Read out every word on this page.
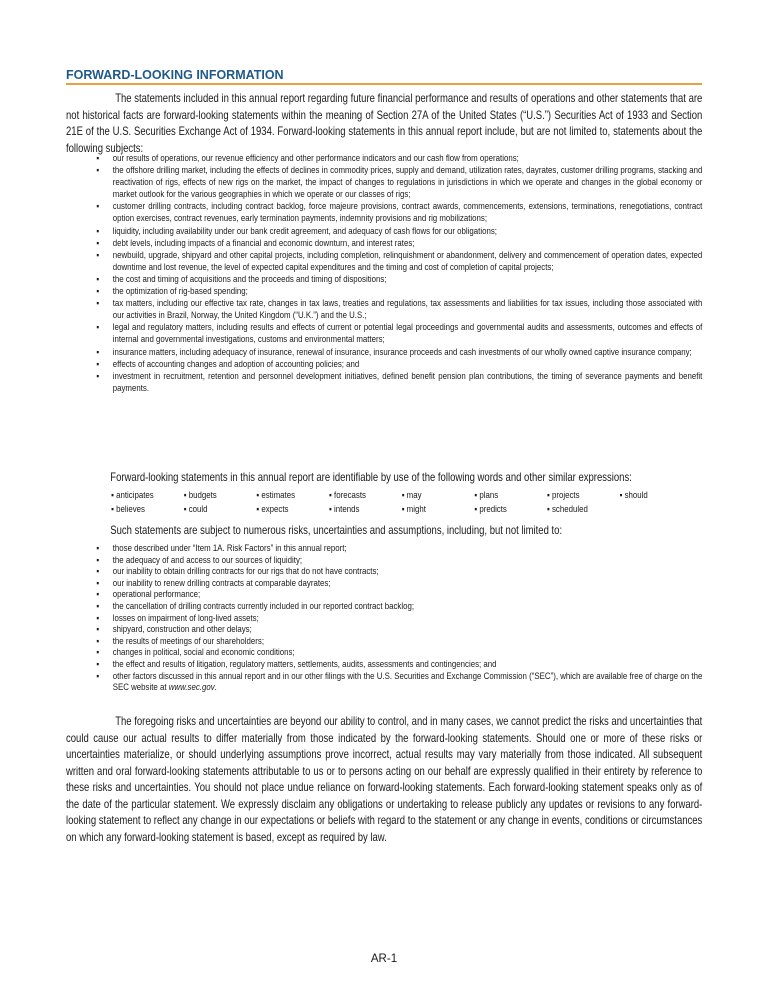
FORWARD-LOOKING INFORMATION

The statements included in this annual report regarding future financial performance and results of operations and other statements that are not historical facts are forward-looking statements within the meaning of Section 27A of the United States (“U.S.”) Securities Act of 1933 and Section 21E of the U.S. Securities Exchange Act of 1934. Forward-looking statements in this annual report include, but are not limited to, statements about the following subjects:

▪ our results of operations, our revenue efficiency and other performance indicators and our cash flow from operations;
▪ the offshore drilling market, including the effects of declines in commodity prices, supply and demand, utilization rates, dayrates, customer drilling programs, stacking and reactivation of rigs, effects of new rigs on the market, the impact of changes to regulations in jurisdictions in which we operate and changes in the global economy or market outlook for the various geographies in which we operate or our classes of rigs;
▪ customer drilling contracts, including contract backlog, force majeure provisions, contract awards, commencements, extensions, terminations, renegotiations, contract option exercises, contract revenues, early termination payments, indemnity provisions and rig mobilizations;
▪ liquidity, including availability under our bank credit agreement, and adequacy of cash flows for our obligations;
▪ debt levels, including impacts of a financial and economic downturn, and interest rates;
▪ newbuild, upgrade, shipyard and other capital projects, including completion, relinquishment or abandonment, delivery and commencement of operation dates, expected downtime and lost revenue, the level of expected capital expenditures and the timing and cost of completion of capital projects;
▪ the cost and timing of acquisitions and the proceeds and timing of dispositions;
▪ the optimization of rig-based spending;
▪ tax matters, including our effective tax rate, changes in tax laws, treaties and regulations, tax assessments and liabilities for tax issues, including those associated with our activities in Brazil, Norway, the United Kingdom (“U.K.”) and the U.S.;
▪ legal and regulatory matters, including results and effects of current or potential legal proceedings and governmental audits and assessments, outcomes and effects of internal and governmental investigations, customs and environmental matters;
▪ insurance matters, including adequacy of insurance, renewal of insurance, insurance proceeds and cash investments of our wholly owned captive insurance company;
▪ effects of accounting changes and adoption of accounting policies; and
▪ investment in recruitment, retention and personnel development initiatives, defined benefit pension plan contributions, the timing of severance payments and benefit payments.

Forward-looking statements in this annual report are identifiable by use of the following words and other similar expressions:

▪ anticipates	▪ budgets	▪ estimates	▪ forecasts	▪ may	▪ plans	▪ projects	▪ should
▪ believes	▪ could	▪ expects	▪ intends	▪ might	▪ predicts	▪ scheduled

Such statements are subject to numerous risks, uncertainties and assumptions, including, but not limited to:

▪ those described under “Item 1A. Risk Factors” in this annual report;
▪ the adequacy of and access to our sources of liquidity;
▪ our inability to obtain drilling contracts for our rigs that do not have contracts;
▪ our inability to renew drilling contracts at comparable dayrates;
▪ operational performance;
▪ the cancellation of drilling contracts currently included in our reported contract backlog;
▪ losses on impairment of long-lived assets;
▪ shipyard, construction and other delays;
▪ the results of meetings of our shareholders;
▪ changes in political, social and economic conditions;
▪ the effect and results of litigation, regulatory matters, settlements, audits, assessments and contingencies; and
▪ other factors discussed in this annual report and in our other filings with the U.S. Securities and Exchange Commission (“SEC”), which are available free of charge on the SEC website at www.sec.gov.

The foregoing risks and uncertainties are beyond our ability to control, and in many cases, we cannot predict the risks and uncertainties that could cause our actual results to differ materially from those indicated by the forward-looking statements. Should one or more of these risks or uncertainties materialize, or should underlying assumptions prove incorrect, actual results may vary materially from those indicated. All subsequent written and oral forward-looking statements attributable to us or to persons acting on our behalf are expressly qualified in their entirety by reference to these risks and uncertainties. You should not place undue reliance on forward-looking statements. Each forward-looking statement speaks only as of the date of the particular statement. We expressly disclaim any obligations or undertaking to release publicly any updates or revisions to any forward-looking statement to reflect any change in our expectations or beliefs with regard to the statement or any change in events, conditions or circumstances on which any forward-looking statement is based, except as required by law.

AR-1
